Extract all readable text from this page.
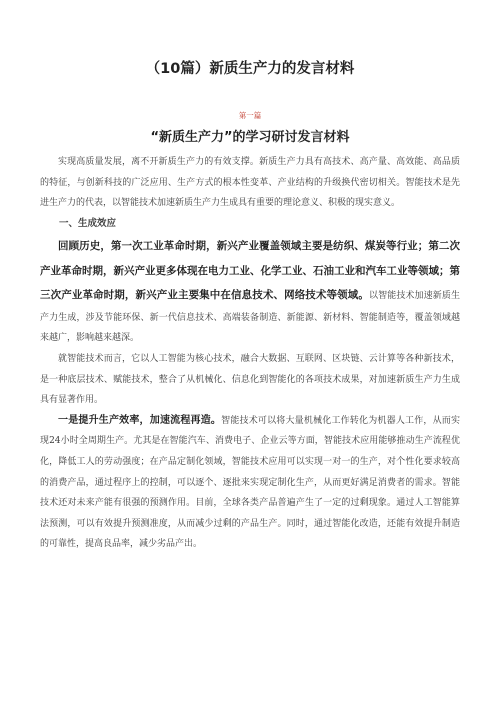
（10篇）新质生产力的发言材料
第一篇
“新质生产力”的学习研讨发言材料

实现高质量发展，离不开新质生产力的有效支撑。新质生产力具有高技术、高产量、高效能、高品质的特征，与创新科技的广泛应用、生产方式的根本性变革、产业结构的升级换代密切相关。智能技术是先进生产力的代表，以智能技术加速新质生产力生成具有重要的理论意义、积极的现实意义。

一、生成效应

回顾历史，第一次工业革命时期，新兴产业覆盖领域主要是纺织、煤炭等行业；第二次产业革命时期，新兴产业更多体现在电力工业、化学工业、石油工业和汽车工业等领域；第三次产业革命时期，新兴产业主要集中在信息技术、网络技术等领域。以智能技术加速新质生产力生成，涉及节能环保、新一代信息技术、高端装备制造、新能源、新材料、智能制造等，覆盖领域越来越广，影响越来越深。

就智能技术而言，它以人工智能为核心技术，融合大数据、互联网、区块链、云计算等各种新技术，是一种底层技术、赋能技术，整合了从机械化、信息化到智能化的各项技术成果，对加速新质生产力生成具有显著作用。

一是提升生产效率，加速流程再造。智能技术可以将大量机械化工作转化为机器人工作，从而实现24小时全周期生产。尤其是在智能汽车、消费电子、企业云等方面，智能技术应用能够推动生产流程优化，降低工人的劳动强度；在产品定制化领域，智能技术应用可以实现一对一的生产，对个性化要求较高的消费产品，通过程序上的控制，可以逐个、逐批来实现定制化生产，从而更好满足消费者的需求。智能技术还对未来产能有很强的预测作用。目前，全球各类产品普遍产生了一定的过剩现象。通过人工智能算法预测，可以有效提升预测准度，从而减少过剩的产品生产。同时，通过智能化改造，还能有效提升制造的可靠性，提高良品率，减少劣品产出。
